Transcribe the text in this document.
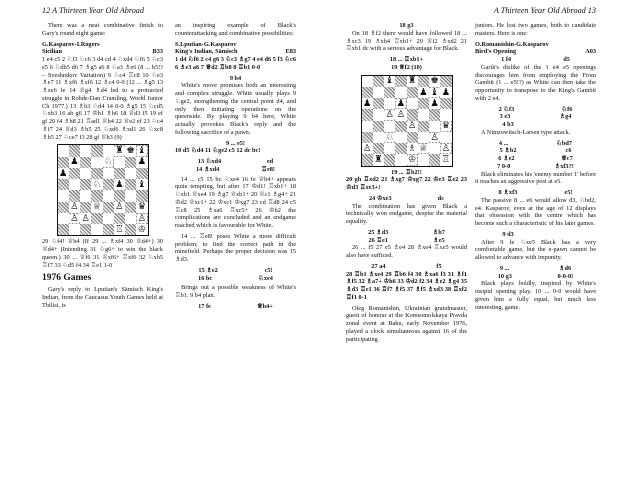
12 A Thirteen Year Old Abroad	A Thirteen Year Old Abroad 13

There was a neat combinative finish to Gary's round eight game:

G.Kasparov-I.Rogers
Sicilian	B33

1 e4 c5 2 ♘f3 ♘c6 3 d4 cd 4 ♘xd4 ♘f6 5 ♘c3 e5 6 ♘db5 d6 7 ♗g5 a6 8 ♘a3 ♗e6 (8 ... b5!? – Sveshnikov Variation) 9 ♘c4 ♖c8 10 ♘e3 ♗e7 11 ♗xf6 ♗xf6 12 ♗c4 0-0 (12 ... ♗g5 13 ♗xe6 fe 14 ♕g4 ♗d4 led to a protracted struggle in Rohde-Dan Cramling, World Junior Ch 1977.) 13 ♗b3 ♘d4 14 0-0 ♗g5 15 ♘cd5 ♘xb3 16 ab g6 17 ♔h1 ♗h6 18 ♕d3 f5 19 ef gf 20 f4 ♗h8 21 ♖ad1 ♕h4 22 ♕e2 ef 23 ♘c4 ♗f7 24 ♕d3 ♗h5 25 ♘xd6 ♗xd1 26 ♘xc8 ♗h5 27 ♘ce7 f3 28 gf ♕h3 (9)

♜ ♚ ♝
♟	♘	♟
♟
♘ ♟ ♝
♙ ♕ ♙ ♛
♙ ♙	♙
♖ ♔

29 ♘f4! ♕h4 (If 29 ... ♗xf4 30 ♕d4+) 30 ♕d4+ (Intending 31 ♘g6+ to win the black queen.) 30 ... ♕f6 31 ♕xf6+ ♖xf6 32 ♘xh5 ♖f7 33 ♘d5 f4 34 ♖e1 1-0

1976 Games

Gary's reply to Lputian's Sämisch King's Indian, from the Caucasus Youth Games held at Tbilisi, is

an inspiring example of Black's counterattacking and combinative possibilities:

S.Lputian-G.Kasparov
King's Indian, Sämisch	E83

1 d4 ♘f6 2 c4 g6 3 ♘c3 ♗g7 4 e4 d6 5 f3 ♘c6 6 ♗e3 a6 7 ♕d2 ♖b8 8 ♖b1 0-0

9 b4

White's move promises both an interesting and complex struggle. White usually plays 9 ♘ge2, strengthening the central point d4, and only then initiating operations on the queenside. By playing 9 b4 here, White actually provokes Black's reply and the following sacrifice of a pawn.

9 ... e5!

10 d5 ♘d4 11 ♘ge2 c5 12 dc bc!

13 ♘xd4	ed
14 ♗xd4	♖e8!

14 ... c5 15 bc ♘xe4 16 fe ♕h4+ appears quite tempting, but after 17 ♔d1! ♖xb1+ 18 ♘xb1 ♕xe4 19 ♗g7 ♕xb1+ 20 ♕c1 ♗g4+ 21 ♔d2 ♕xc1+ 22 ♔xc1 ♔xg7 23 cd ♖d8 24 c5 ♖c8 25 ♗xa6 ♖xc5+ 26 ♔b2 the complications are concluded and an endgame reached which is favourable for White.

14 ... ♖e8! poses White a more difficult problem; to find the correct path in the minefield. Perhaps the proper decision was 15 ♗d3.

15 ♗e2	c5!
16 bc	♘xe4

Brings out a possible weakness of White's ♖b1. 9 b4 plan.

17 fe	♕h4+

18 g3

On 18 ♗f2 there would have followed 18 ... ♗xc3 19 ♗xh4 ♖xb1+ 20 ♕f2 ♗xd2 21 ♖xb1 dc with a serious advantage for Black.

18 ... ♖xb1+

19 ♕f2 (10)

♝ ♜ ♚
♟ ♝ ♟
♟	♟	♟
♙ ♙
♙	♛
♘	♙
♙	♗ ♕ ♙
♜	♔	♖

19 ... ♖b2!!

20 gh ♖xd2 21 ♗xg7 ♔xg7 22 ♔e3 ♖e2 23 ♔d3 ♖xe3+!

24 ♔xe3	dc

The combination has given Black a technically won endgame, despite the material equality.

25 ♗d3	♗b7
26 ♖e1	♗e5

26 ... f5 27 e5 ♗e4 28 ♗xe4 ♖xe5 would also have sufficed.

27 a4	f5

28 ♖b1 ♗xe4 29 ♖b6 f4 30 ♗xa6 f3 31 ♗f1 ♗f5 32 ♗a7+ ♔h6 33 ♔d2 f2 34 ♗e2 ♗g4 35 ♗d3 ♖e1 36 ♖f7 ♗f5 37 ♗f5 ♗xd3 38 ♖xf2 ♖f1 0-1

Oleg Romanishin, Ukrainian grandmaster, guest of honour at the Komsomolskaya Pravda zonal event at Baku, early November 1976, played a clock simultaneous against 16 of the participating

juniors. He lost two games, both to candidate masters. Here is one:

O.Romanishin-G.Kasparov
Bird's Opening	A03
1 f4	d5

Garik's dislike of the 1 e4 e5 openings discourages him from employing the From Gambit (1 ... e5!?) as White can then take the opportunity to transpose to the King's Gambit with 2 e4.

2 ♘f3	♘f6
3 e3	♗g4
4 b3

A Nimzowitsch-Larsen type attack.

4 ...	♘bd7
5 ♗b2	c6
6 ♗e2	♕c7
7 0-0	♗xf3?!

Black eliminates his 'enemy number 1' before it reaches an aggressive post at e5.

8 ♗xf3	e5!

The passive 8 ... e6 would allow d3, ♘bd2, e4. Kasparov, even at the age of 12 displays that obsession with the centre which has become such a characteristic of his later games.

9 d3

After 9 fe ♘xe5 Black has a very comfortable game, but the e-pawn cannot be allowed to advance with impunity.

9 ...	♗d6
10 g3	0-0-0!

Black plays boldly, inspired by White's insipid opening play. 10 ... 0-0 would have given him a fully equal, but much less interesting, game.
